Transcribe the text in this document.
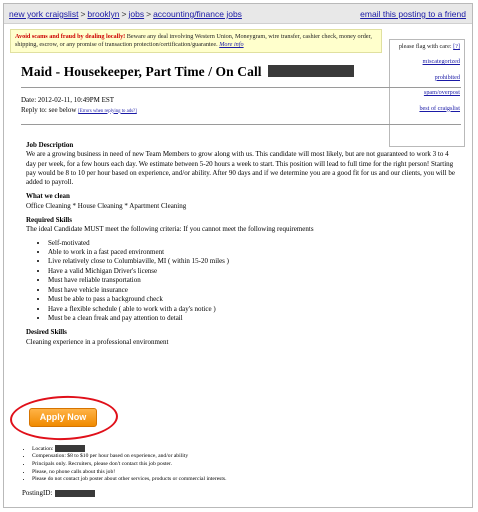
new york craigslist > brooklyn > jobs > accounting/finance jobs	email this posting to a friend
Avoid scams and fraud by dealing locally! Beware any deal involving Western Union, Moneygram, wire transfer, cashier check, money order, shipping, escrow, or any promise of transaction protection/certification/guarantee. More info	please flag with care: [?]
miscategorized
prohibited
spam/overpost
best of craigslist
Maid - Housekeeper, Part Time / On Call
Date: 2012-02-11, 10:49PM EST
Reply to: see below [Errors when replying to ads?]
Job Description

We are a growing business in need of new Team Members to grow along with us. This candidate will most likely, but are not guaranteed to work 3 to 4 day per week, for a few hours each day. We estimate between 5-20 hours a week to start. This position will lead to full time for the right person! Starting pay would be 8 to 10 per hour based on experience, and/or ability. After 90 days and if we determine you are a good fit for us and our clients, you will be added to payroll.

What we clean

Office Cleaning * House Cleaning * Apartment Cleaning

Required Skills
The ideal Candidate MUST meet the following criteria: If you cannot meet the following requirements
• Self-motivated
• Able to work in a fast paced environment
• Live relatively close to Columbiaville, MI ( within 15-20 miles )
• Have a valid Michigan Driver's license
• Must have reliable transportation
• Must have vehicle insurance
• Must be able to pass a background check
• Have a flexible schedule ( able to work with a day's notice )
• Must be a clean freak and pay attention to detail
Desired Skills
Cleaning experience in a professional environment
Apply Now
• Location:
• Compensation: $8 to $10 per hour based on experience, and/or ability
• Principals only. Recruiters, please don't contact this job poster.
• Please, no phone calls about this job!
• Please do not contact job poster about other services, products or commercial interests.
PostingID:
